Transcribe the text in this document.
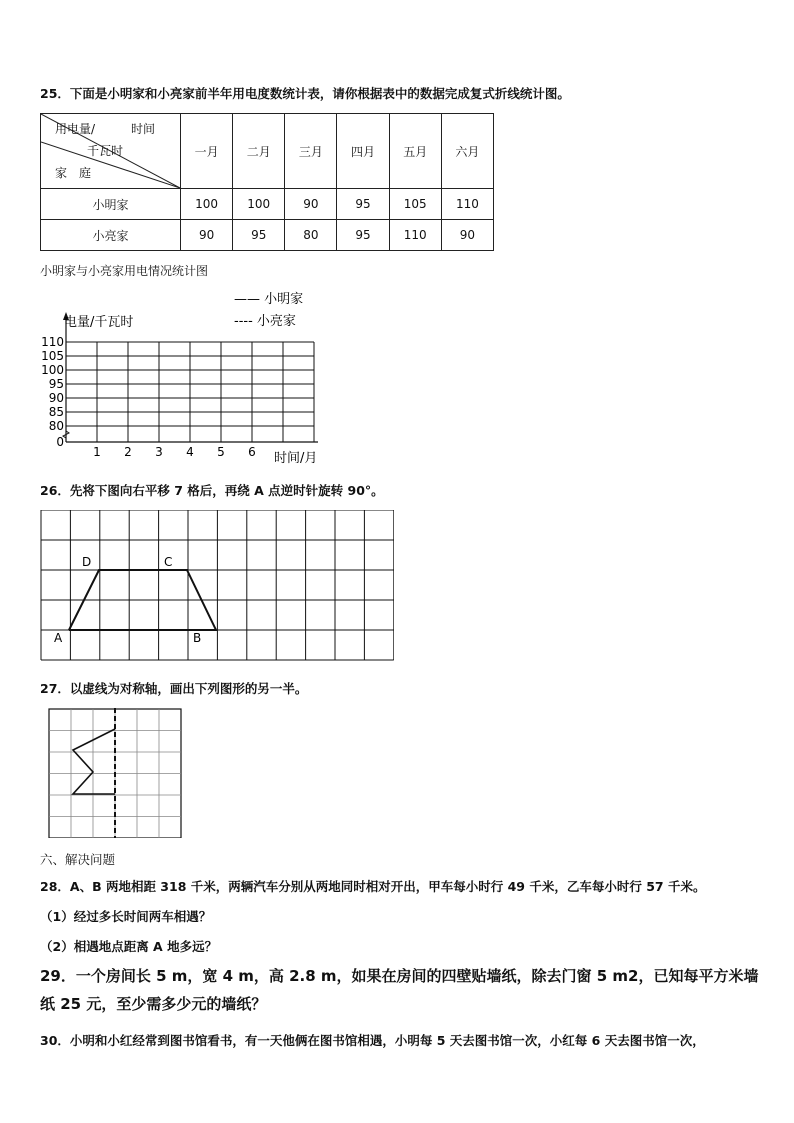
25．下面是小明家和小亮家前半年用电度数统计表，请你根据表中的数据完成复式折线统计图。
时间
用电量/
千瓦时
家　庭	一月	二月	三月	四月	五月	六月
小明家	100	100	90	95	105	110
小亮家	90	95	80	95	110	90
小明家与小亮家用电情况统计图
110
105
100
95
90
85
80
0
1 2 3 4 5 6
电量/千瓦时
时间/月
—— 小明家
---- 小亮家
26．先将下图向右平移 7 格后，再绕 A 点逆时针旋转 90°。
D	C
A	B
27．以虚线为对称轴，画出下列图形的另一半。
六、解决问题
28．A、B 两地相距 318 千米，两辆汽车分别从两地同时相对开出，甲车每小时行 49 千米，乙车每小时行 57 千米。
（1）经过多长时间两车相遇？
（2）相遇地点距离 A 地多远？
29．一个房间长 5 m，宽 4 m，高 2.8 m，如果在房间的四壁贴墙纸，除去门窗 5 m2，已知每平方米墙
纸 25 元，至少需多少元的墙纸？
30．小明和小红经常到图书馆看书，有一天他俩在图书馆相遇，小明每 5 天去图书馆一次，小红每 6 天去图书馆一次，
